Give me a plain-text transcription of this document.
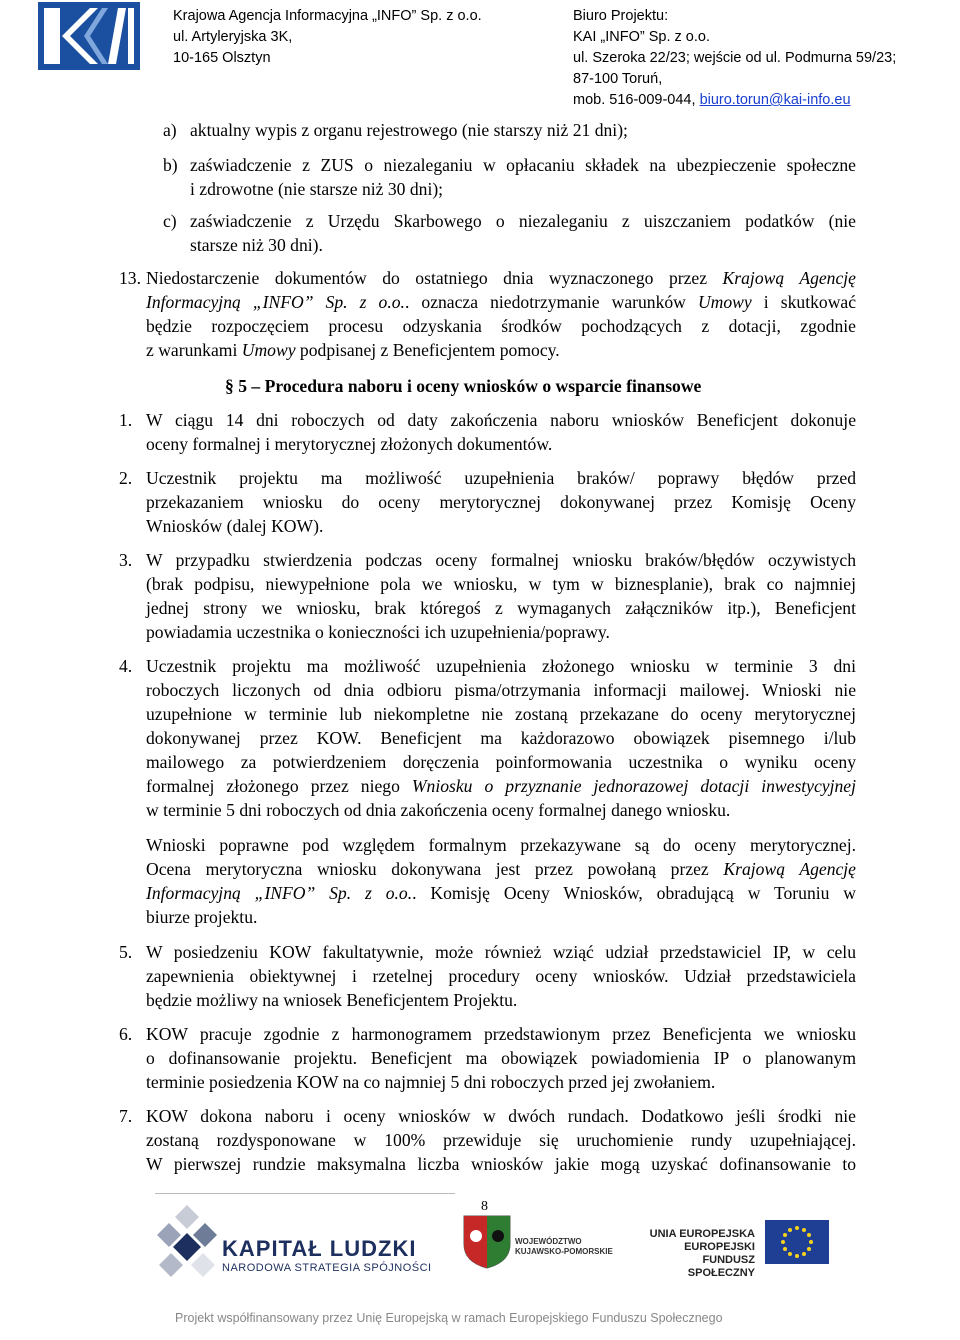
Krajowa Agencja Informacyjna „INFO” Sp. z o.o.
ul. Artyleryjska 3K,
10-165 Olsztyn
Biuro Projektu:
KAI „INFO” Sp. z o.o.
ul. Szeroka 22/23; wejście od ul. Podmurna 59/23;
87-100 Toruń,
mob. 516-009-044, biuro.torun@kai-info.eu
a) aktualny wypis z organu rejestrowego (nie starszy niż 21 dni);
b) zaświadczenie z ZUS o niezaleganiu w opłacaniu składek na ubezpieczenie społeczne
i zdrowotne (nie starsze niż 30 dni);
c) zaświadczenie z Urzędu Skarbowego o niezaleganiu z uiszczaniem podatków (nie
starsze niż 30 dni).
13. Niedostarczenie dokumentów do ostatniego dnia wyznaczonego przez Krajową Agencję
Informacyjną „INFO” Sp. z o.o.. oznacza niedotrzymanie warunków Umowy i skutkować
będzie rozpoczęciem procesu odzyskania środków pochodzących z dotacji, zgodnie
z warunkami Umowy podpisanej z Beneficjentem pomocy.
§ 5 – Procedura naboru i oceny wniosków o wsparcie finansowe
1. W ciągu 14 dni roboczych od daty zakończenia naboru wniosków Beneficjent dokonuje
oceny formalnej i merytorycznej złożonych dokumentów.
2. Uczestnik projektu ma możliwość uzupełnienia braków/ poprawy błędów przed
przekazaniem wniosku do oceny merytorycznej dokonywanej przez Komisję Oceny
Wniosków (dalej KOW).
3. W przypadku stwierdzenia podczas oceny formalnej wniosku braków/błędów oczywistych
(brak podpisu, niewypełnione pola we wniosku, w tym w biznesplanie), brak co najmniej
jednej strony we wniosku, brak któregoś z wymaganych załączników itp.), Beneficjent
powiadamia uczestnika o konieczności ich uzupełnienia/poprawy.
4. Uczestnik projektu ma możliwość uzupełnienia złożonego wniosku w terminie 3 dni
roboczych liczonych od dnia odbioru pisma/otrzymania informacji mailowej. Wnioski nie
uzupełnione w terminie lub niekompletne nie zostaną przekazane do oceny merytorycznej
dokonywanej przez KOW. Beneficjent ma każdorazowo obowiązek pisemnego i/lub
mailowego za potwierdzeniem doręczenia poinformowania uczestnika o wyniku oceny
formalnej złożonego przez niego Wniosku o przyznanie jednorazowej dotacji inwestycyjnej
w terminie 5 dni roboczych od dnia zakończenia oceny formalnej danego wniosku.
Wnioski poprawne pod względem formalnym przekazywane są do oceny merytorycznej.
Ocena merytoryczna wniosku dokonywana jest przez powołaną przez Krajową Agencję
Informacyjną „INFO” Sp. z o.o.. Komisję Oceny Wniosków, obradującą w Toruniu w
biurze projektu.
5. W posiedzeniu KOW fakultatywnie, może również wziąć udział przedstawiciel IP, w celu
zapewnienia obiektywnej i rzetelnej procedury oceny wniosków. Udział przedstawiciela
będzie możliwy na wniosek Beneficjentem Projektu.
6. KOW pracuje zgodnie z harmonogramem przedstawionym przez Beneficjenta we wniosku
o dofinansowanie projektu. Beneficjent ma obowiązek powiadomienia IP o planowanym
terminie posiedzenia KOW na co najmniej 5 dni roboczych przed jej zwołaniem.
7. KOW dokona naboru i oceny wniosków w dwóch rundach. Dodatkowo jeśli środki nie
zostaną rozdysponowane w 100% przewiduje się uruchomienie rundy uzupełniającej.
W pierwszej rundzie maksymalna liczba wniosków jakie mogą uzyskać dofinansowanie to
8
KAPITAŁ LUDZKI
NARODOWA STRATEGIA SPÓJNOŚCI
WOJEWÓDZTWO
KUJAWSKO-POMORSKIE
UNIA EUROPEJSKA
EUROPEJSKI
FUNDUSZ SPOŁECZNY
Projekt współfinansowany przez Unię Europejską w ramach Europejskiego Funduszu Społecznego
